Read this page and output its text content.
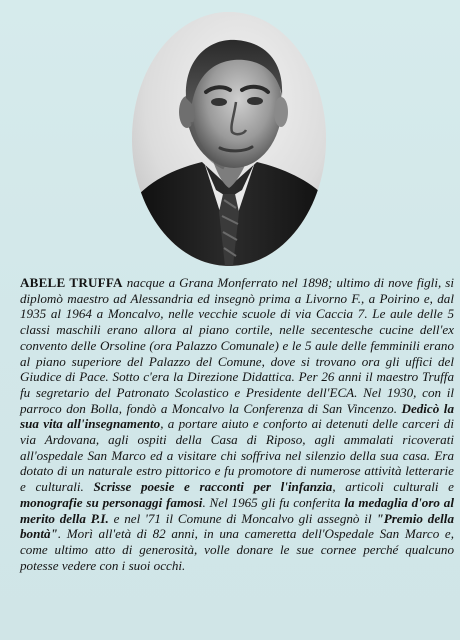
ABELE TRUFFA nacque a Grana Monferrato nel 1898; ultimo di nove figli, si diplomò maestro ad Alessandria ed insegnò prima a Livorno F., a Poirino e, dal 1935 al 1964 a Moncalvo, nelle vecchie scuole di via Caccia 7. Le aule delle 5 classi maschili erano allora al piano cortile, nelle secentesche cucine dell'ex convento delle Orsoline (ora Palazzo Comunale) e le 5 aule delle femminili erano al piano superiore del Palazzo del Comune, dove si trovano ora gli uffici del Giudice di Pace. Sotto c'era la Direzione Didattica. Per 26 anni il maestro Truffa fu segretario del Patronato Scolastico e Presidente dell'ECA. Nel 1930, con il parroco don Bolla, fondò a Moncalvo la Conferenza di San Vincenzo. Dedicò la sua vita all'insegnamento, a portare aiuto e conforto ai detenuti delle carceri di via Ardovana, agli ospiti della Casa di Riposo, agli ammalati ricoverati all'ospedale San Marco ed a visitare chi soffriva nel silenzio della sua casa. Era dotato di un naturale estro pittorico e fu promotore di numerose attività letterarie e culturali. Scrisse poesie e racconti per l'infanzia, articoli culturali e monografie su personaggi famosi. Nel 1965 gli fu conferita la medaglia d'oro al merito della P.I. e nel '71 il Comune di Moncalvo gli assegnò il "Premio della bontà". Morì all'età di 82 anni, in una cameretta dell'Ospedale San Marco e, come ultimo atto di generosità, volle donare le sue cornee perché qualcuno potesse vedere con i suoi occhi.
